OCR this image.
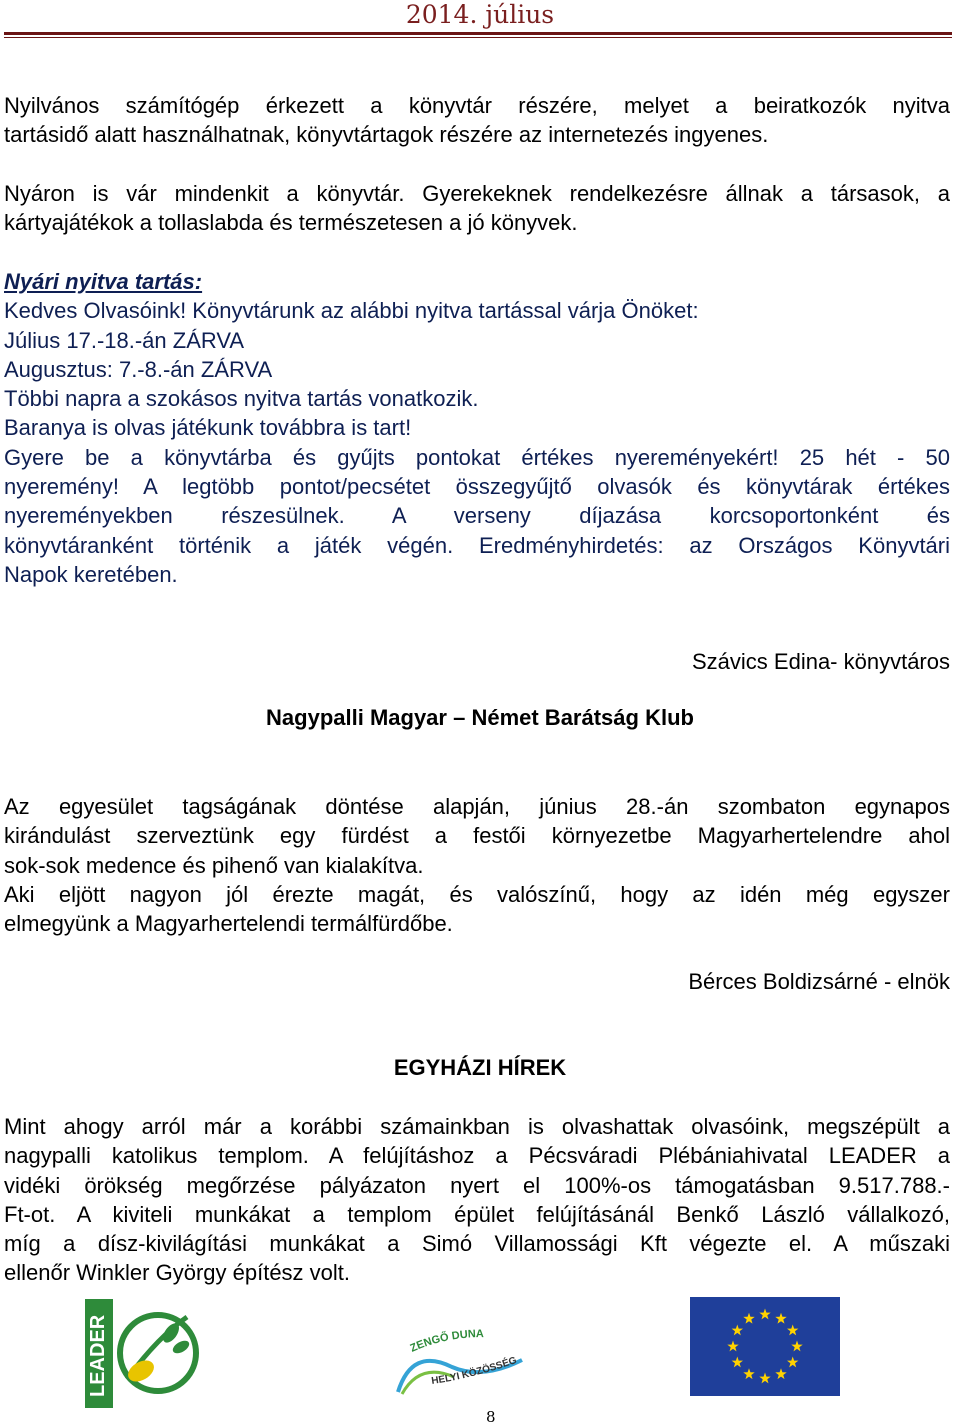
2014. július
Nyilvános számítógép érkezett a könyvtár részére, melyet a beiratkozók nyitva
tartásidő alatt használhatnak, könyvtártagok részére az internetezés ingyenes.
Nyáron is vár mindenkit a könyvtár. Gyerekeknek rendelkezésre állnak a társasok, a
kártyajátékok a tollaslabda és természetesen a jó könyvek.
Nyári nyitva tartás:
Kedves Olvasóink! Könyvtárunk az alábbi nyitva tartással várja Önöket:
Július 17.-18.-án ZÁRVA
Augusztus: 7.-8.-án ZÁRVA
Többi napra a szokásos nyitva tartás vonatkozik.
Baranya is olvas játékunk továbbra is tart!
Gyere be a könyvtárba és gyűjts pontokat értékes nyereményekért! 25 hét - 50
nyeremény! A legtöbb pontot/pecsétet összegyűjtő olvasók és könyvtárak értékes
nyereményekben részesülnek. A verseny díjazása korcsoportonként és
könyvtáranként történik a játék végén. Eredményhirdetés: az Országos Könyvtári
Napok keretében.
Szávics Edina- könyvtáros
Nagypalli Magyar – Német Barátság Klub
Az egyesület tagságának döntése alapján, június 28.-án szombaton egynapos
kirándulást szerveztünk egy fürdést a festői környezetbe Magyarhertelendre ahol
sok-sok medence és pihenő van kialakítva.
Aki eljött nagyon jól érezte magát, és valószínű, hogy az idén még egyszer
elmegyünk a Magyarhertelendi termálfürdőbe.
Bérces Boldizsárné - elnök
EGYHÁZI HÍREK
Mint ahogy arról már a korábbi számainkban is olvashattak olvasóink, megszépült a
nagypalli katolikus templom. A felújításhoz a Pécsváradi Plébániahivatal LEADER a
vidéki örökség megőrzése pályázaton nyert el 100%-os támogatásban 9.517.788.-
Ft-ot. A kiviteli munkákat a templom épület felújításánál Benkő László vállalkozó,
míg a dísz-kivilágítási munkákat a Simó Villamossági Kft végezte el. A műszaki
ellenőr Winkler György építész volt.
LEADER	ZENGŐ DUNA
HELYI KÖZÖSSÉG
8
